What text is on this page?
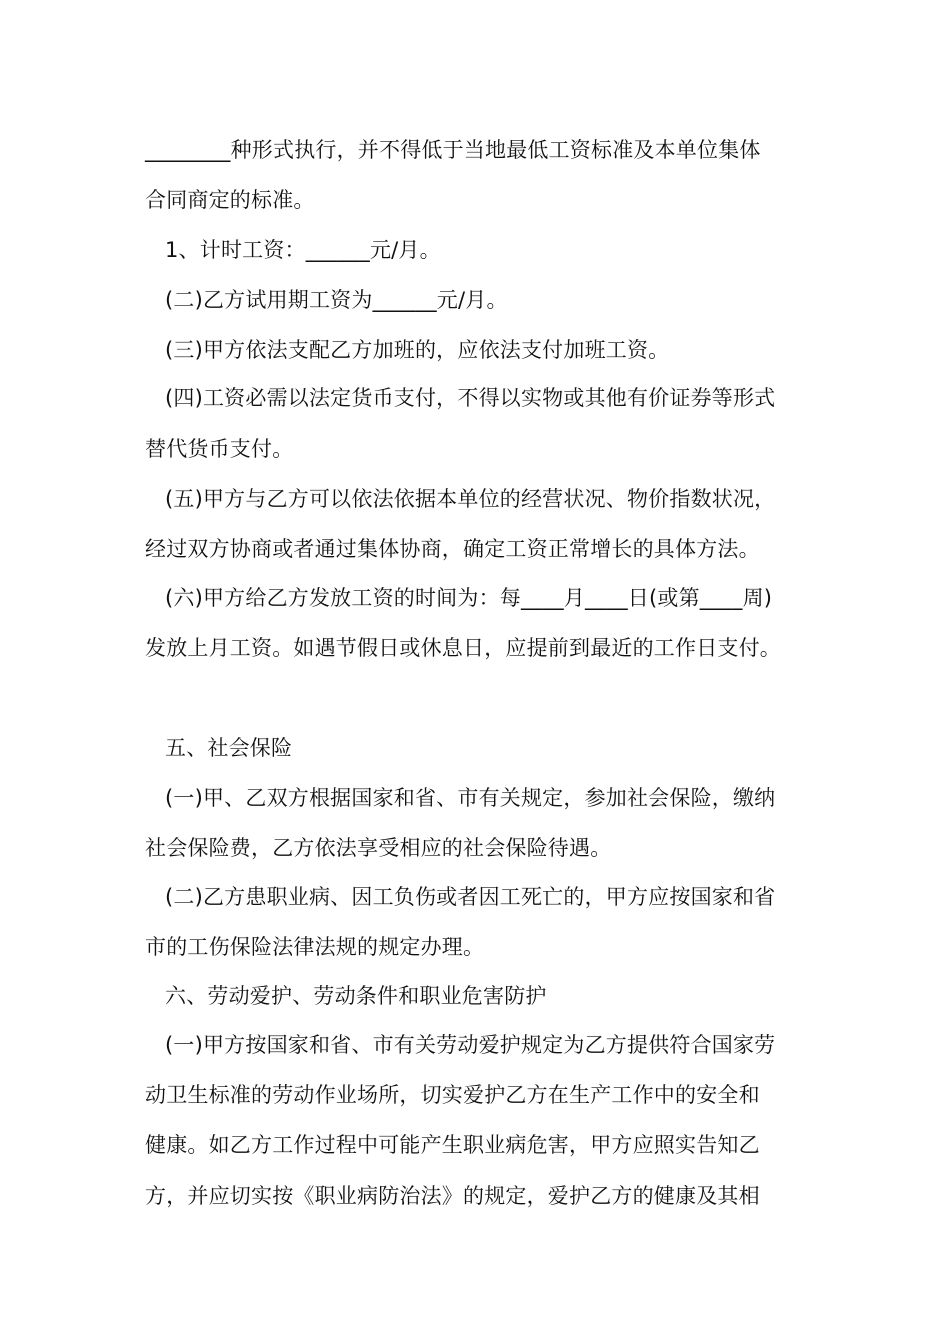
________种形式执行，并不得低于当地最低工资标准及本单位集体
合同商定的标准。
1、计时工资：______元/月。
(二)乙方试用期工资为______元/月。
(三)甲方依法支配乙方加班的，应依法支付加班工资。
(四)工资必需以法定货币支付，不得以实物或其他有价证券等形式
替代货币支付。
(五)甲方与乙方可以依法依据本单位的经营状况、物价指数状况，
经过双方协商或者通过集体协商，确定工资正常增长的具体方法。
(六)甲方给乙方发放工资的时间为：每____月____日(或第____周)
发放上月工资。如遇节假日或休息日，应提前到最近的工作日支付。
五、社会保险
(一)甲、乙双方根据国家和省、市有关规定，参加社会保险，缴纳
社会保险费，乙方依法享受相应的社会保险待遇。
(二)乙方患职业病、因工负伤或者因工死亡的，甲方应按国家和省
市的工伤保险法律法规的规定办理。
六、劳动爱护、劳动条件和职业危害防护
(一)甲方按国家和省、市有关劳动爱护规定为乙方提供符合国家劳
动卫生标准的劳动作业场所，切实爱护乙方在生产工作中的安全和
健康。如乙方工作过程中可能产生职业病危害，甲方应照实告知乙
方，并应切实按《职业病防治法》的规定，爱护乙方的健康及其相
